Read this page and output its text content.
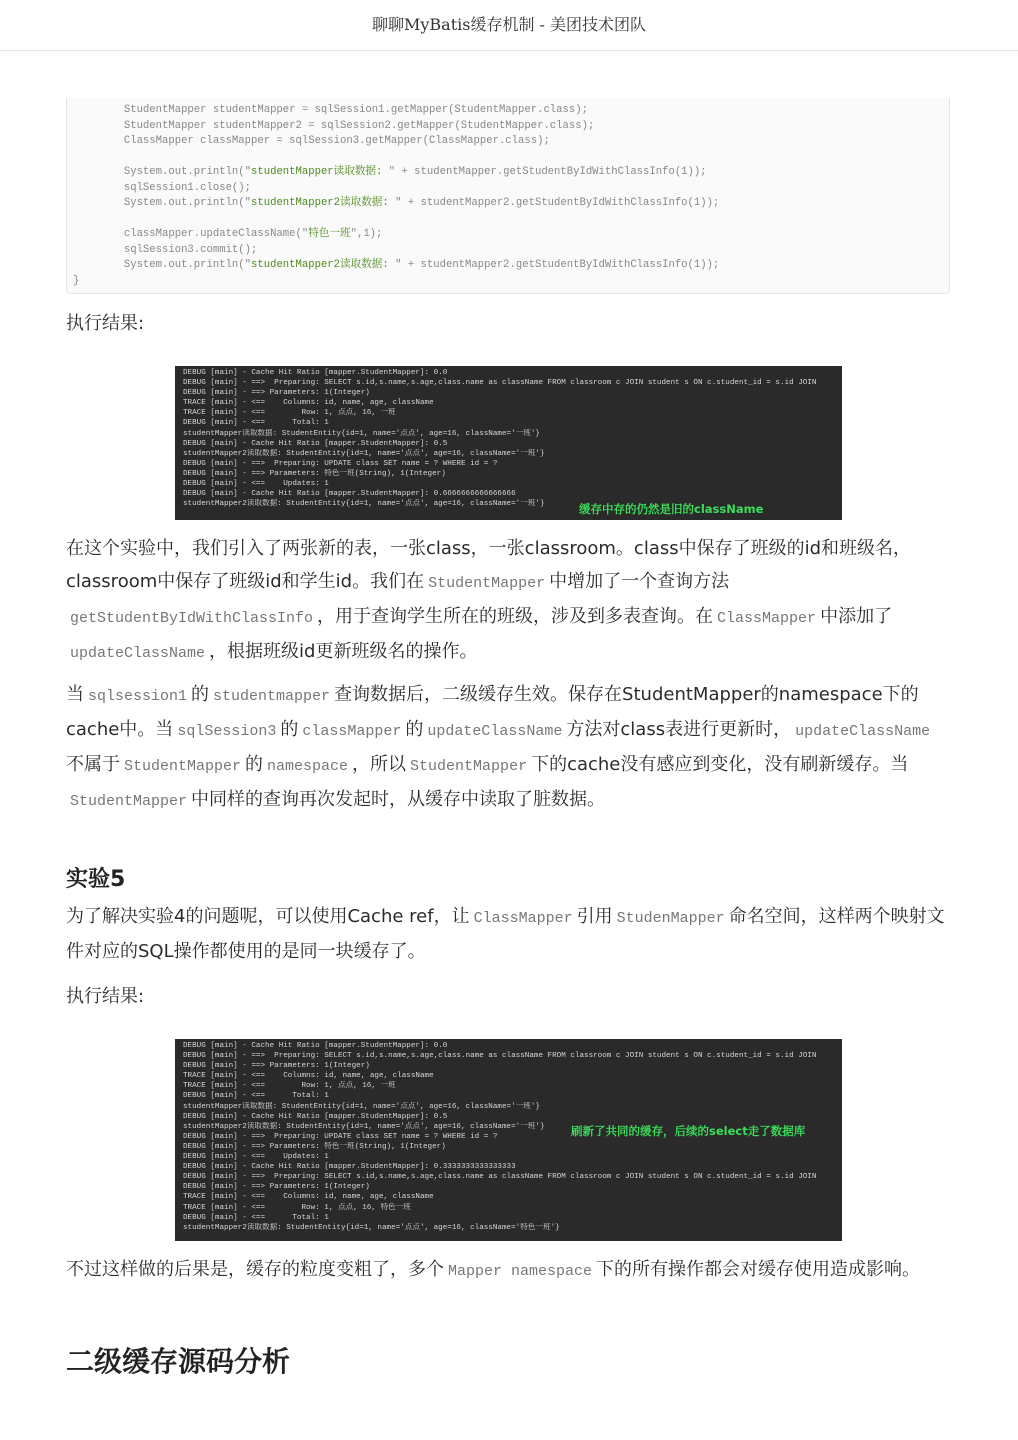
聊聊MyBatis缓存机制 - 美团技术团队
StudentMapper studentMapper = sqlSession1.getMapper(StudentMapper.class);
StudentMapper studentMapper2 = sqlSession2.getMapper(StudentMapper.class);
ClassMapper classMapper = sqlSession3.getMapper(ClassMapper.class);
System.out.println("studentMapper读取数据: " + studentMapper.getStudentByIdWithClassInfo(1));
sqlSession1.close();
System.out.println("studentMapper2读取数据: " + studentMapper2.getStudentByIdWithClassInfo(1));
classMapper.updateClassName("特色一班",1);
sqlSession3.commit();
System.out.println("studentMapper2读取数据: " + studentMapper2.getStudentByIdWithClassInfo(1));
}
执行结果:
DEBUG [main] - Cache Hit Ratio [mapper.StudentMapper]: 0.0
DEBUG [main] - ==>  Preparing: SELECT s.id,s.name,s.age,class.name as className FROM classroom c JOIN student s ON c.student_id = s.id JOIN
DEBUG [main] - ==> Parameters: 1(Integer)
TRACE [main] - <==    Columns: id, name, age, className
TRACE [main] - <==        Row: 1, 点点, 16, 一班
DEBUG [main] - <==      Total: 1
studentMapper读取数据: StudentEntity{id=1, name='点点', age=16, className='一班'}
DEBUG [main] - Cache Hit Ratio [mapper.StudentMapper]: 0.5
studentMapper2读取数据: StudentEntity{id=1, name='点点', age=16, className='一班'}
DEBUG [main] - ==>  Preparing: UPDATE class SET name = ? WHERE id = ?
DEBUG [main] - ==> Parameters: 特色一班(String), 1(Integer)
DEBUG [main] - <==    Updates: 1
DEBUG [main] - Cache Hit Ratio [mapper.StudentMapper]: 0.6666666666666666
studentMapper2读取数据: StudentEntity{id=1, name='点点', age=16, className='一班'}	缓存中存的仍然是旧的className
在这个实验中，我们引入了两张新的表，一张class，一张classroom。class中保存了班级的id和班级名，classroom中保存了班级id和学生id。我们在 StudentMapper 中增加了一个查询方法getStudentByIdWithClassInfo ，用于查询学生所在的班级，涉及到多表查询。在 ClassMapper 中添加了updateClassName ，根据班级id更新班级名的操作。
当 sqlsession1 的 studentmapper 查询数据后，二级缓存生效。保存在StudentMapper的namespace下的cache中。当 sqlSession3 的 classMapper 的 updateClassName 方法对class表进行更新时， updateClassName不属于 StudentMapper 的 namespace ，所以 StudentMapper 下的cache没有感应到变化，没有刷新缓存。当StudentMapper 中同样的查询再次发起时，从缓存中读取了脏数据。
实验5
为了解决实验4的问题呢，可以使用Cache ref，让 ClassMapper 引用 StudenMapper 命名空间，这样两个映射文件对应的SQL操作都使用的是同一块缓存了。
执行结果:
DEBUG [main] - Cache Hit Ratio [mapper.StudentMapper]: 0.0
DEBUG [main] - ==>  Preparing: SELECT s.id,s.name,s.age,class.name as className FROM classroom c JOIN student s ON c.student_id = s.id JOIN
DEBUG [main] - ==> Parameters: 1(Integer)
TRACE [main] - <==    Columns: id, name, age, className
TRACE [main] - <==        Row: 1, 点点, 16, 一班
DEBUG [main] - <==      Total: 1
studentMapper读取数据: StudentEntity{id=1, name='点点', age=16, className='一班'}
DEBUG [main] - Cache Hit Ratio [mapper.StudentMapper]: 0.5
studentMapper2读取数据: StudentEntity{id=1, name='点点', age=16, className='一班'}
DEBUG [main] - ==>  Preparing: UPDATE class SET name = ? WHERE id = ?
DEBUG [main] - ==> Parameters: 特色一班(String), 1(Integer)
DEBUG [main] - <==    Updates: 1
DEBUG [main] - Cache Hit Ratio [mapper.StudentMapper]: 0.3333333333333333
DEBUG [main] - ==>  Preparing: SELECT s.id,s.name,s.age,class.name as className FROM classroom c JOIN student s ON c.student_id = s.id JOIN
DEBUG [main] - ==> Parameters: 1(Integer)
TRACE [main] - <==    Columns: id, name, age, className
TRACE [main] - <==        Row: 1, 点点, 16, 特色一班
DEBUG [main] - <==      Total: 1
studentMapper2读取数据: StudentEntity{id=1, name='点点', age=16, className='特色一班'}
刷新了共同的缓存，后续的select走了数据库
不过这样做的后果是，缓存的粒度变粗了，多个 Mapper namespace 下的所有操作都会对缓存使用造成影响。
二级缓存源码分析
